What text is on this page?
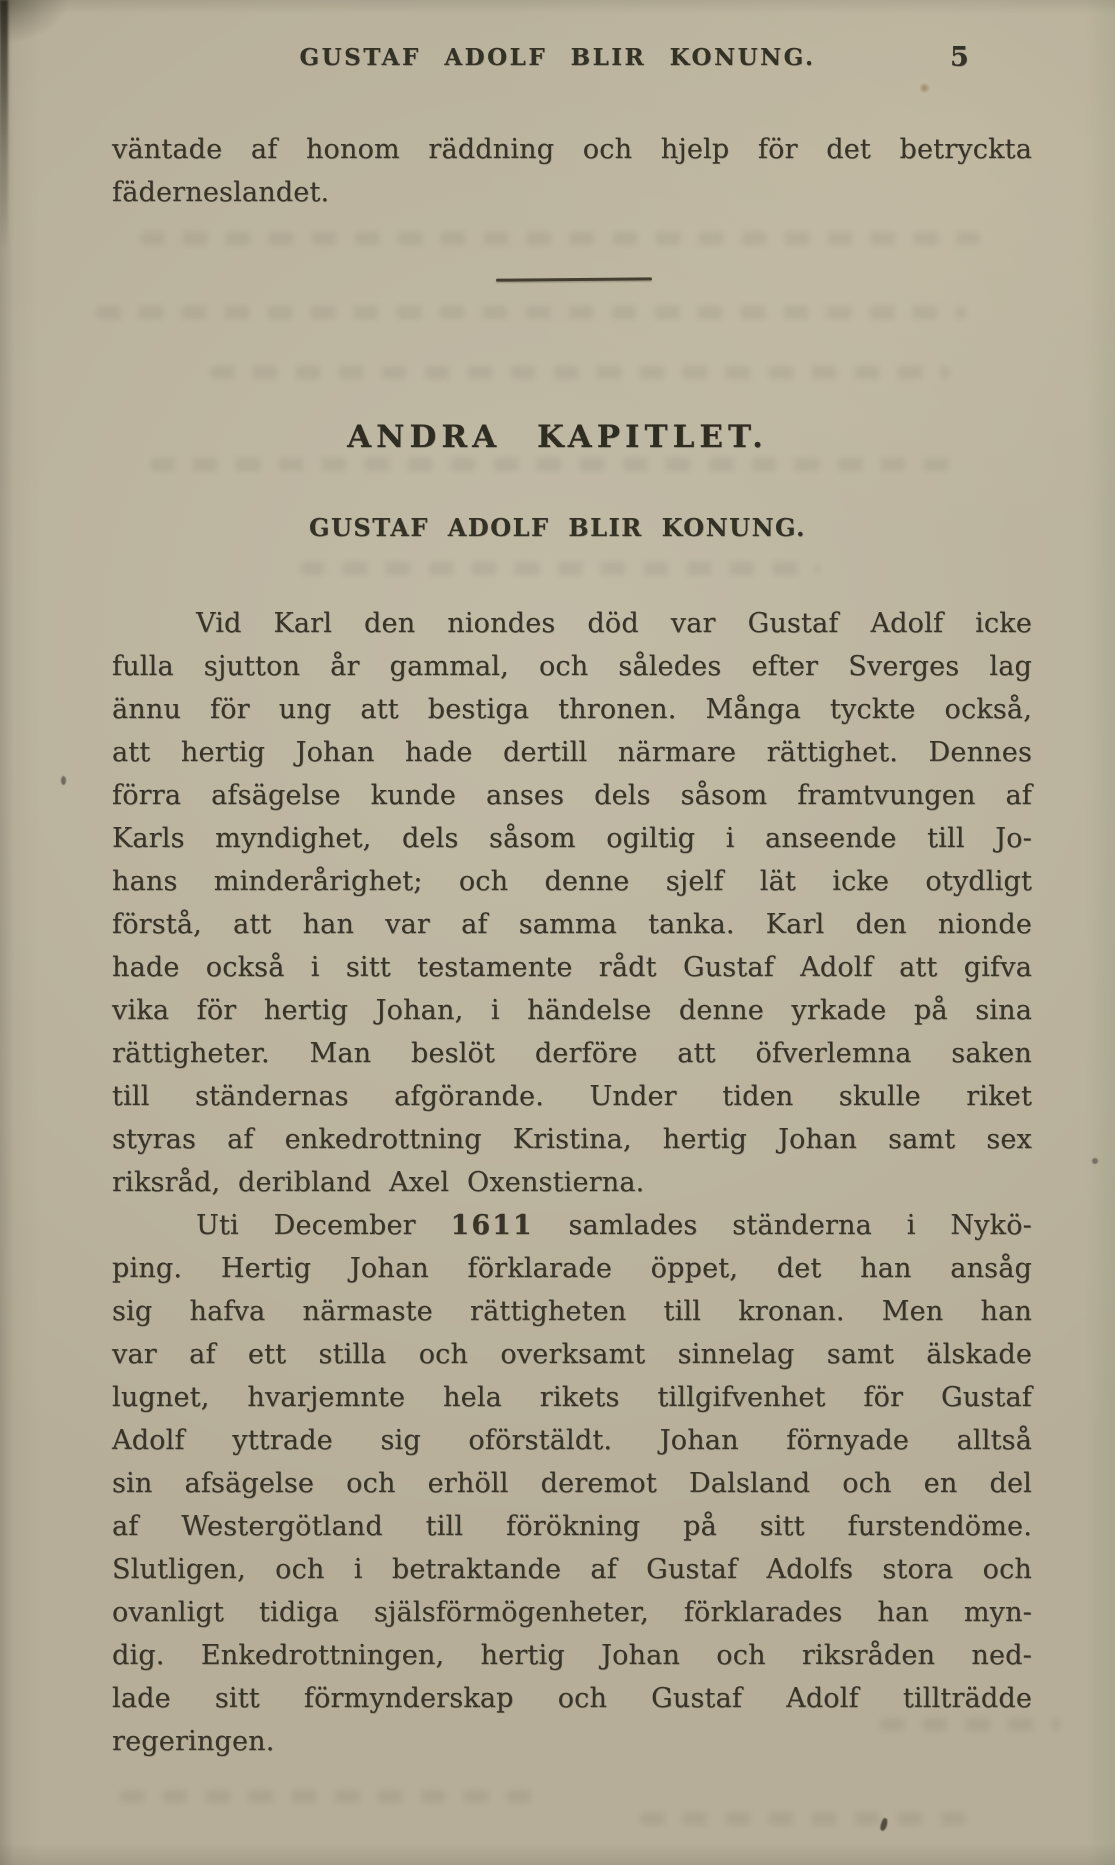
GUSTAF ADOLF BLIR KONUNG.	5
väntade af honom räddning och hjelp för det betryckta
fäderneslandet.
ANDRA KAPITLET.
GUSTAF ADOLF BLIR KONUNG.
Vid Karl den niondes död var Gustaf Adolf icke
fulla sjutton år gammal, och således efter Sverges lag
ännu för ung att bestiga thronen. Många tyckte också,
att hertig Johan hade dertill närmare rättighet. Dennes
förra afsägelse kunde anses dels såsom framtvungen af
Karls myndighet, dels såsom ogiltig i anseende till Jo-
hans minderårighet; och denne sjelf lät icke otydligt
förstå, att han var af samma tanka. Karl den nionde
hade också i sitt testamente rådt Gustaf Adolf att gifva
vika för hertig Johan, i händelse denne yrkade på sina
rättigheter. Man beslöt derföre att öfverlemna saken
till ständernas afgörande. Under tiden skulle riket
styras af enkedrottning Kristina, hertig Johan samt sex
riksråd, deribland Axel Oxenstierna.
Uti December 1611 samlades ständerna i Nykö-
ping. Hertig Johan förklarade öppet, det han ansåg
sig hafva närmaste rättigheten till kronan. Men han
var af ett stilla och overksamt sinnelag samt älskade
lugnet, hvarjemnte hela rikets tillgifvenhet för Gustaf
Adolf yttrade sig oförstäldt. Johan förnyade alltså
sin afsägelse och erhöll deremot Dalsland och en del
af Westergötland till förökning på sitt furstendöme.
Slutligen, och i betraktande af Gustaf Adolfs stora och
ovanligt tidiga själsförmögenheter, förklarades han myn-
dig. Enkedrottningen, hertig Johan och riksråden ned-
lade sitt förmynderskap och Gustaf Adolf tillträdde
regeringen.
